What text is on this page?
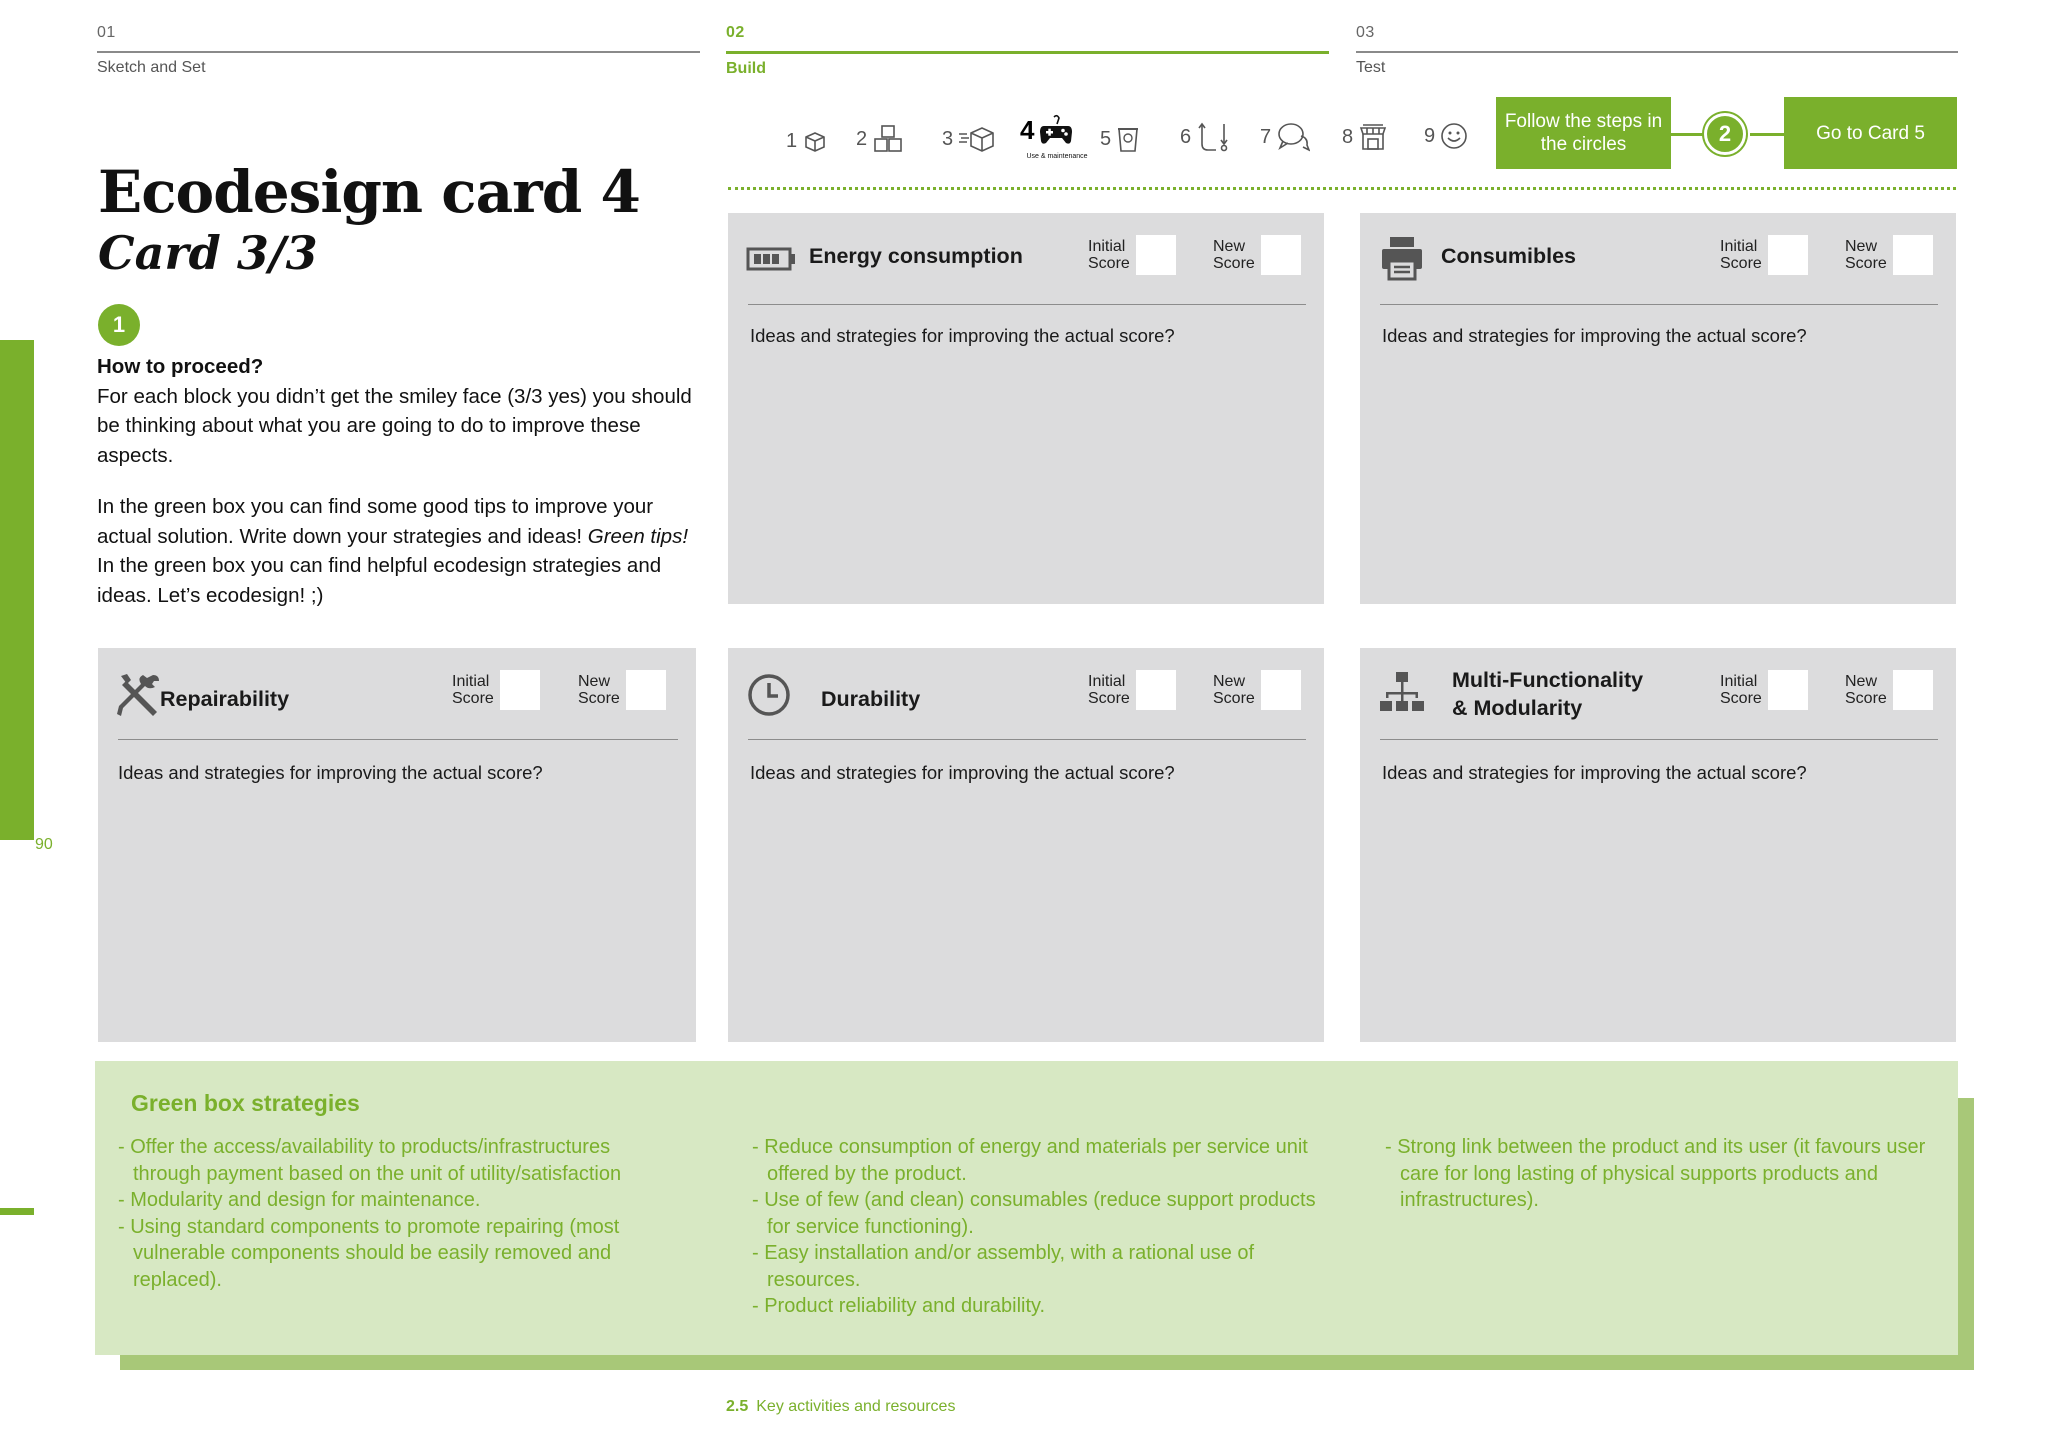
01
Sketch and Set
02
Build
03
Test
90
Ecodesign card 4
Card 3/3
1
How to proceed?

For each block you didn’t get the smiley face (3/3 yes) you should be thinking about what you are going to do to improve these aspects.

In the green box you can find some good tips to improve your actual solution. Write down your strategies and ideas! Green tips! In the green box you can find helpful ecodesign strategies and ideas. Let’s ecodesign! ;)

1	2	3	4
Use & maintenance
5	6	7	8	9
Follow the steps in the circles	2	Go to Card 5
Energy consumption	Initial
Score
New
Score
Ideas and strategies for improving the actual score?
Consumibles	Initial
Score
New
Score
Ideas and strategies for improving the actual score?
Repairability
Initial
Score
New
Score
Ideas and strategies for improving the actual score?
Durability
Initial
Score
New
Score
Ideas and strategies for improving the actual score?
Multi-Functionality
& Modularity
Initial
Score
New
Score
Ideas and strategies for improving the actual score?
Green box strategies
- Offer the access/availability to products/infrastructures through payment based on the unit of utility/satisfaction
- Modularity and design for maintenance.
- Using standard components to promote repairing (most vulnerable components should be easily removed and replaced).
- Reduce consumption of energy and materials per service unit offered by the product.
- Use of few (and clean) consumables (reduce support products for service functioning).
- Easy installation and/or assembly, with a rational use of resources.
- Product reliability and durability.
- Strong link between the product and its user (it favours user care for long lasting of physical supports products and infrastructures).
2.5 Key activities and resources
